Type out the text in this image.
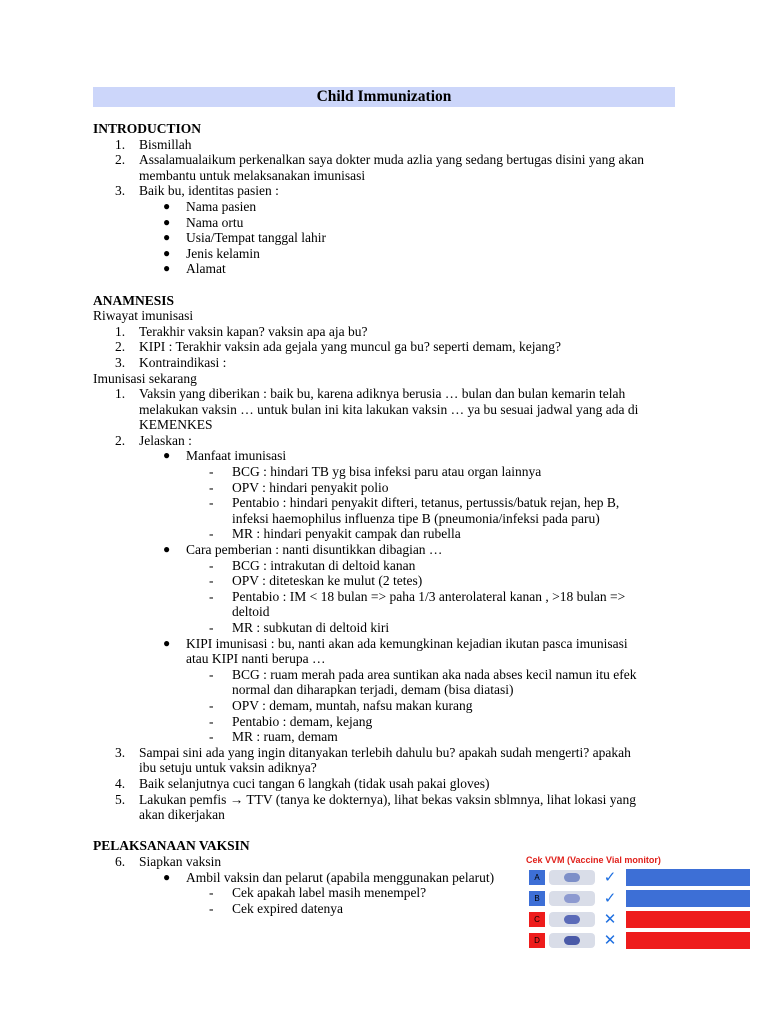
Child Immunization
INTRODUCTION
1.	Bismillah
2.	Assalamualaikum perkenalkan saya dokter muda azlia yang sedang bertugas disini yang akan
membantu untuk melaksanakan imunisasi
3.	Baik bu, identitas pasien :
● Nama pasien
● Nama ortu
● Usia/Tempat tanggal lahir
● Jenis kelamin
● Alamat
ANAMNESIS
Riwayat imunisasi
1.	Terakhir vaksin kapan? vaksin apa aja bu?
2.	KIPI : Terakhir vaksin ada gejala yang muncul ga bu? seperti demam, kejang?
3.	Kontraindikasi :
Imunisasi sekarang
1.	Vaksin yang diberikan : baik bu, karena adiknya berusia … bulan dan bulan kemarin telah
melakukan vaksin … untuk bulan ini kita lakukan vaksin … ya bu sesuai jadwal yang ada di
KEMENKES
2.	Jelaskan :
● Manfaat imunisasi
- BCG : hindari TB yg bisa infeksi paru atau organ lainnya
- OPV : hindari penyakit polio
- Pentabio : hindari penyakit difteri, tetanus, pertussis/batuk rejan, hep B,
infeksi haemophilus influenza tipe B (pneumonia/infeksi pada paru)
- MR : hindari penyakit campak dan rubella
● Cara pemberian : nanti disuntikkan dibagian …
- BCG : intrakutan di deltoid kanan
- OPV : diteteskan ke mulut (2 tetes)
- Pentabio : IM < 18 bulan => paha 1/3 anterolateral kanan , >18 bulan =>
deltoid
- MR : subkutan di deltoid kiri
● KIPI imunisasi : bu, nanti akan ada kemungkinan kejadian ikutan pasca imunisasi
atau KIPI nanti berupa …
- BCG : ruam merah pada area suntikan aka nada abses kecil namun itu efek
normal dan diharapkan terjadi, demam (bisa diatasi)
- OPV : demam, muntah, nafsu makan kurang
- Pentabio : demam, kejang
- MR : ruam, demam
3.	Sampai sini ada yang ingin ditanyakan terlebih dahulu bu? apakah sudah mengerti? apakah
ibu setuju untuk vaksin adiknya?
4.	Baik selanjutnya cuci tangan 6 langkah (tidak usah pakai gloves)
5.	Lakukan pemfis → TTV (tanya ke dokternya), lihat bekas vaksin sblmnya, lihat lokasi yang
akan dikerjakan
PELAKSANAAN VAKSIN
6.	Siapkan vaksin
● Ambil vaksin dan pelarut (apabila menggunakan pelarut)
- Cek apakah label masih menempel?
- Cek expired datenya
Cek VVM (Vaccine Vial monitor)
A	✓
B	✓
C	✕
D	✕
